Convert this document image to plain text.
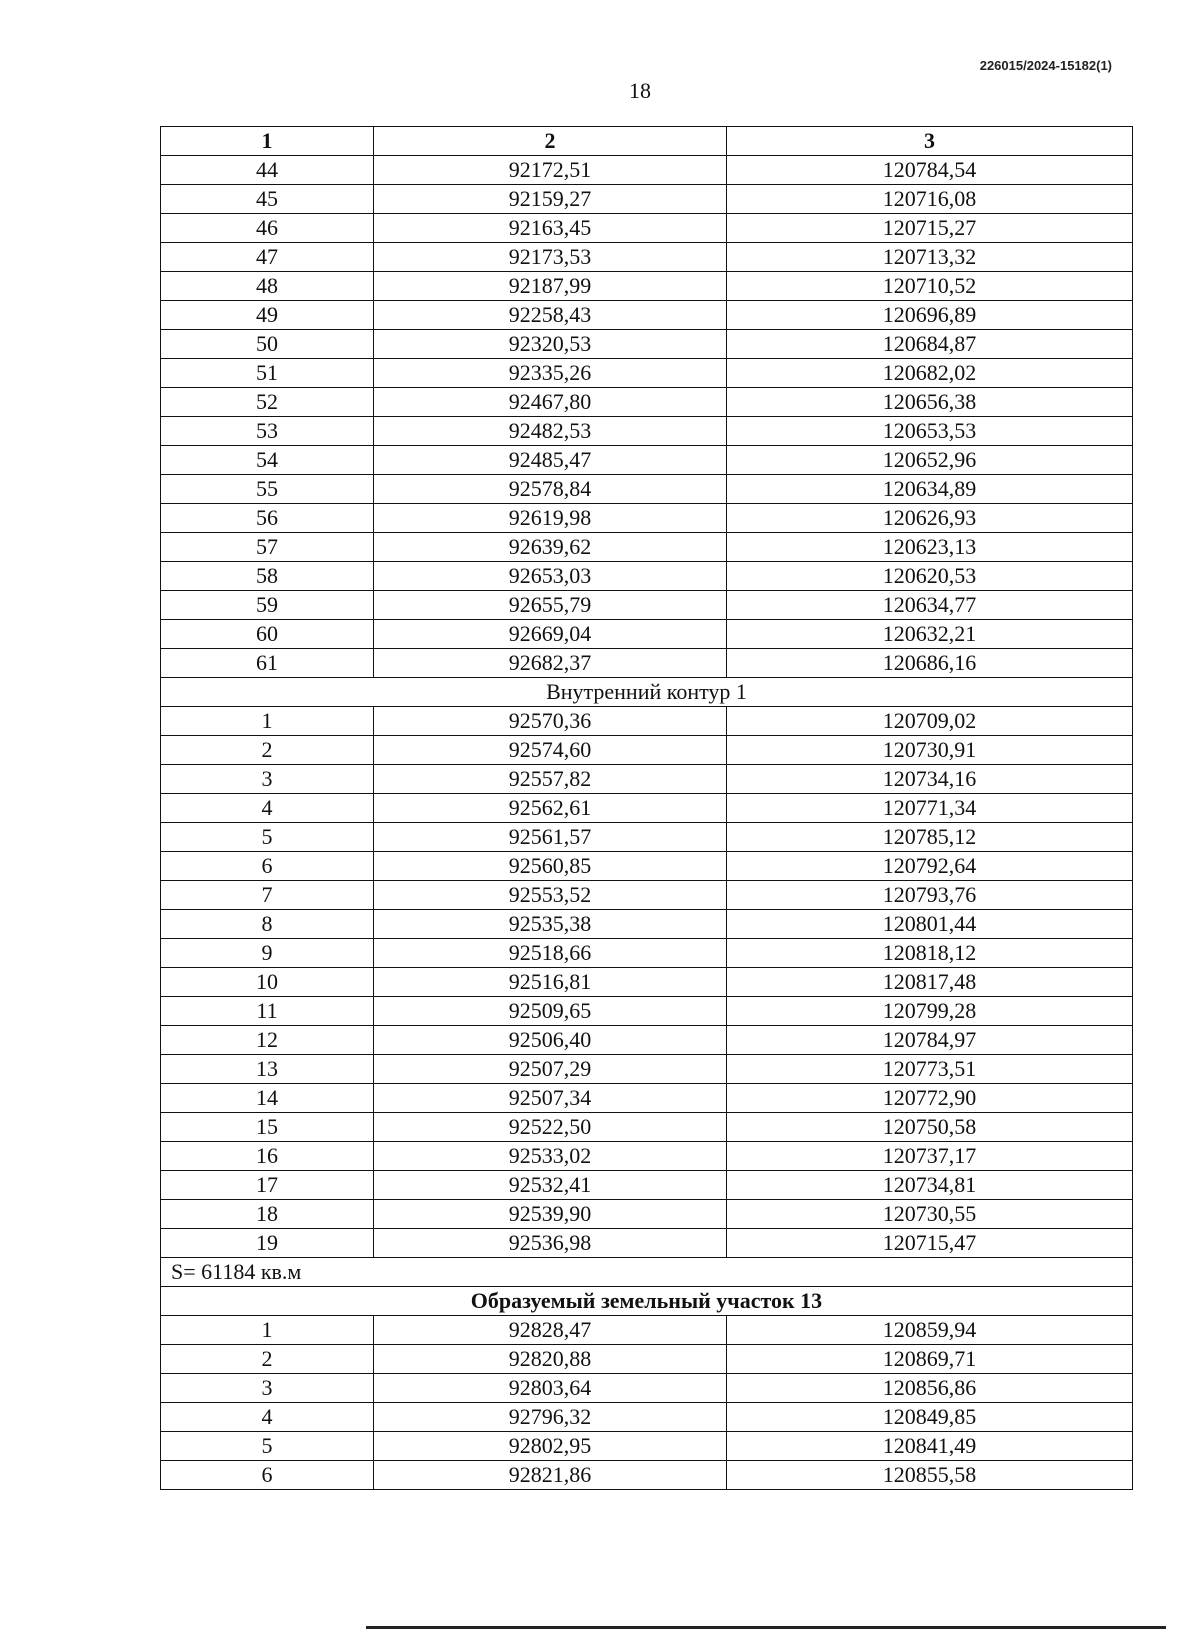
226015/2024-15182(1)
18
1	2	3
44	92172,51	120784,54
45	92159,27	120716,08
46	92163,45	120715,27
47	92173,53	120713,32
48	92187,99	120710,52
49	92258,43	120696,89
50	92320,53	120684,87
51	92335,26	120682,02
52	92467,80	120656,38
53	92482,53	120653,53
54	92485,47	120652,96
55	92578,84	120634,89
56	92619,98	120626,93
57	92639,62	120623,13
58	92653,03	120620,53
59	92655,79	120634,77
60	92669,04	120632,21
61	92682,37	120686,16
Внутренний контур 1		
1	92570,36	120709,02
2	92574,60	120730,91
3	92557,82	120734,16
4	92562,61	120771,34
5	92561,57	120785,12
6	92560,85	120792,64
7	92553,52	120793,76
8	92535,38	120801,44
9	92518,66	120818,12
10	92516,81	120817,48
11	92509,65	120799,28
12	92506,40	120784,97
13	92507,29	120773,51
14	92507,34	120772,90
15	92522,50	120750,58
16	92533,02	120737,17
17	92532,41	120734,81
18	92539,90	120730,55
19	92536,98	120715,47
S= 61184 кв.м		
Образуемый земельный участок 13		
1	92828,47	120859,94
2	92820,88	120869,71
3	92803,64	120856,86
4	92796,32	120849,85
5	92802,95	120841,49
6	92821,86	120855,58
